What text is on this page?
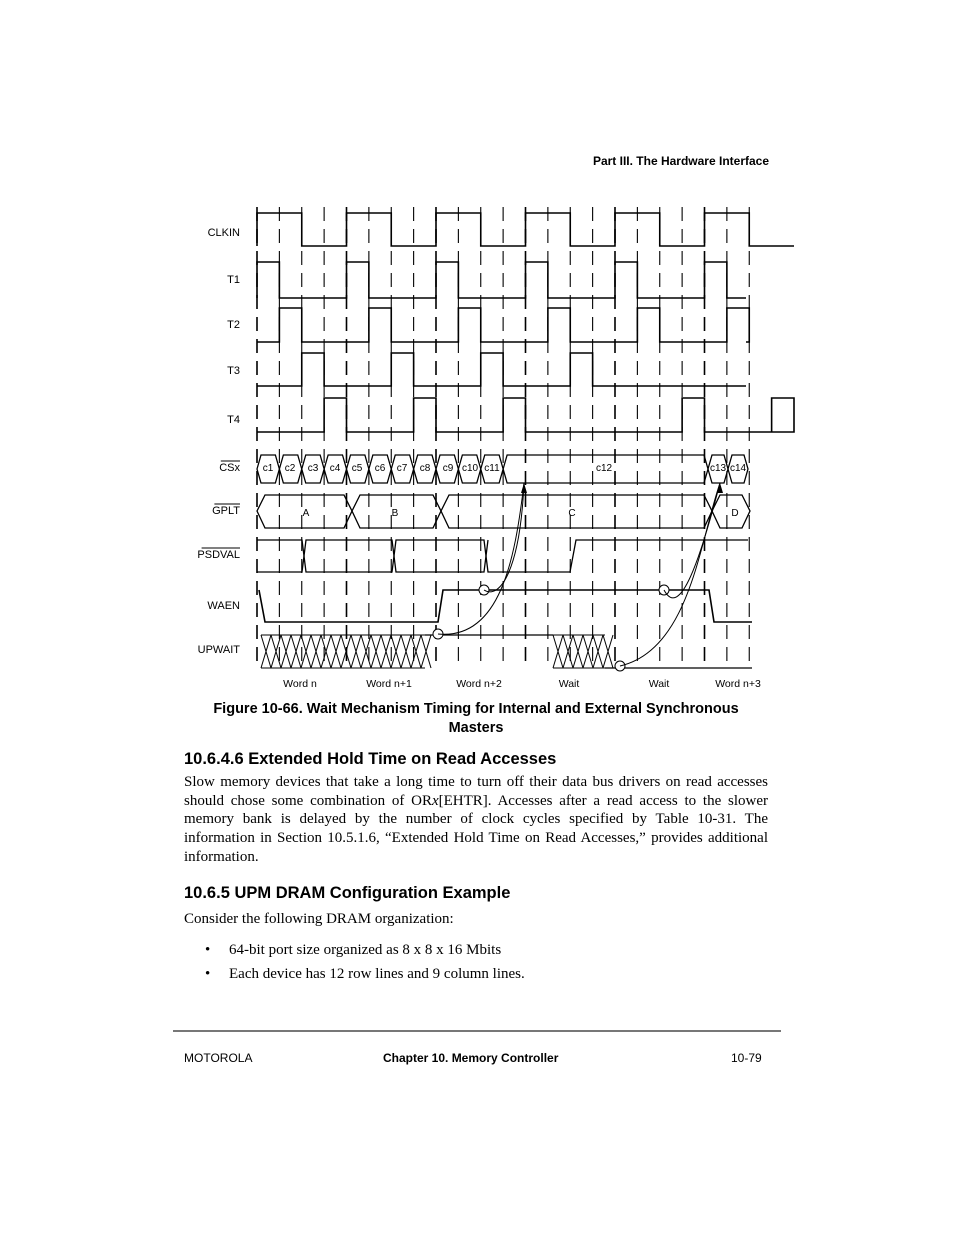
Part III. The Hardware Interface
CLKIN
T1
T2
T3
T4
CSx
GPLT
PSDVAL
WAEN
UPWAIT
c1 c2 c3 c4 c5 c6 c7 c8 c9 c10 c11	c12	c13 c14
A	B	C	D
Word n	Word n+1	Word n+2	Wait	Wait	Word n+3
Figure 10-66. Wait Mechanism Timing for Internal and External Synchronous Masters
10.6.4.6 Extended Hold Time on Read Accesses
Slow memory devices that take a long time to turn off their data bus drivers on read accesses should chose some combination of ORx[EHTR]. Accesses after a read access to the slower memory bank is delayed by the number of clock cycles specified by Table 10-31. The information in Section 10.5.1.6, “Extended Hold Time on Read Accesses,” provides additional information.
10.6.5 UPM DRAM Configuration Example
Consider the following DRAM organization:
• 64-bit port size organized as 8 x 8 x 16 Mbits
• Each device has 12 row lines and 9 column lines.
MOTOROLA	Chapter 10. Memory Controller	10-79
